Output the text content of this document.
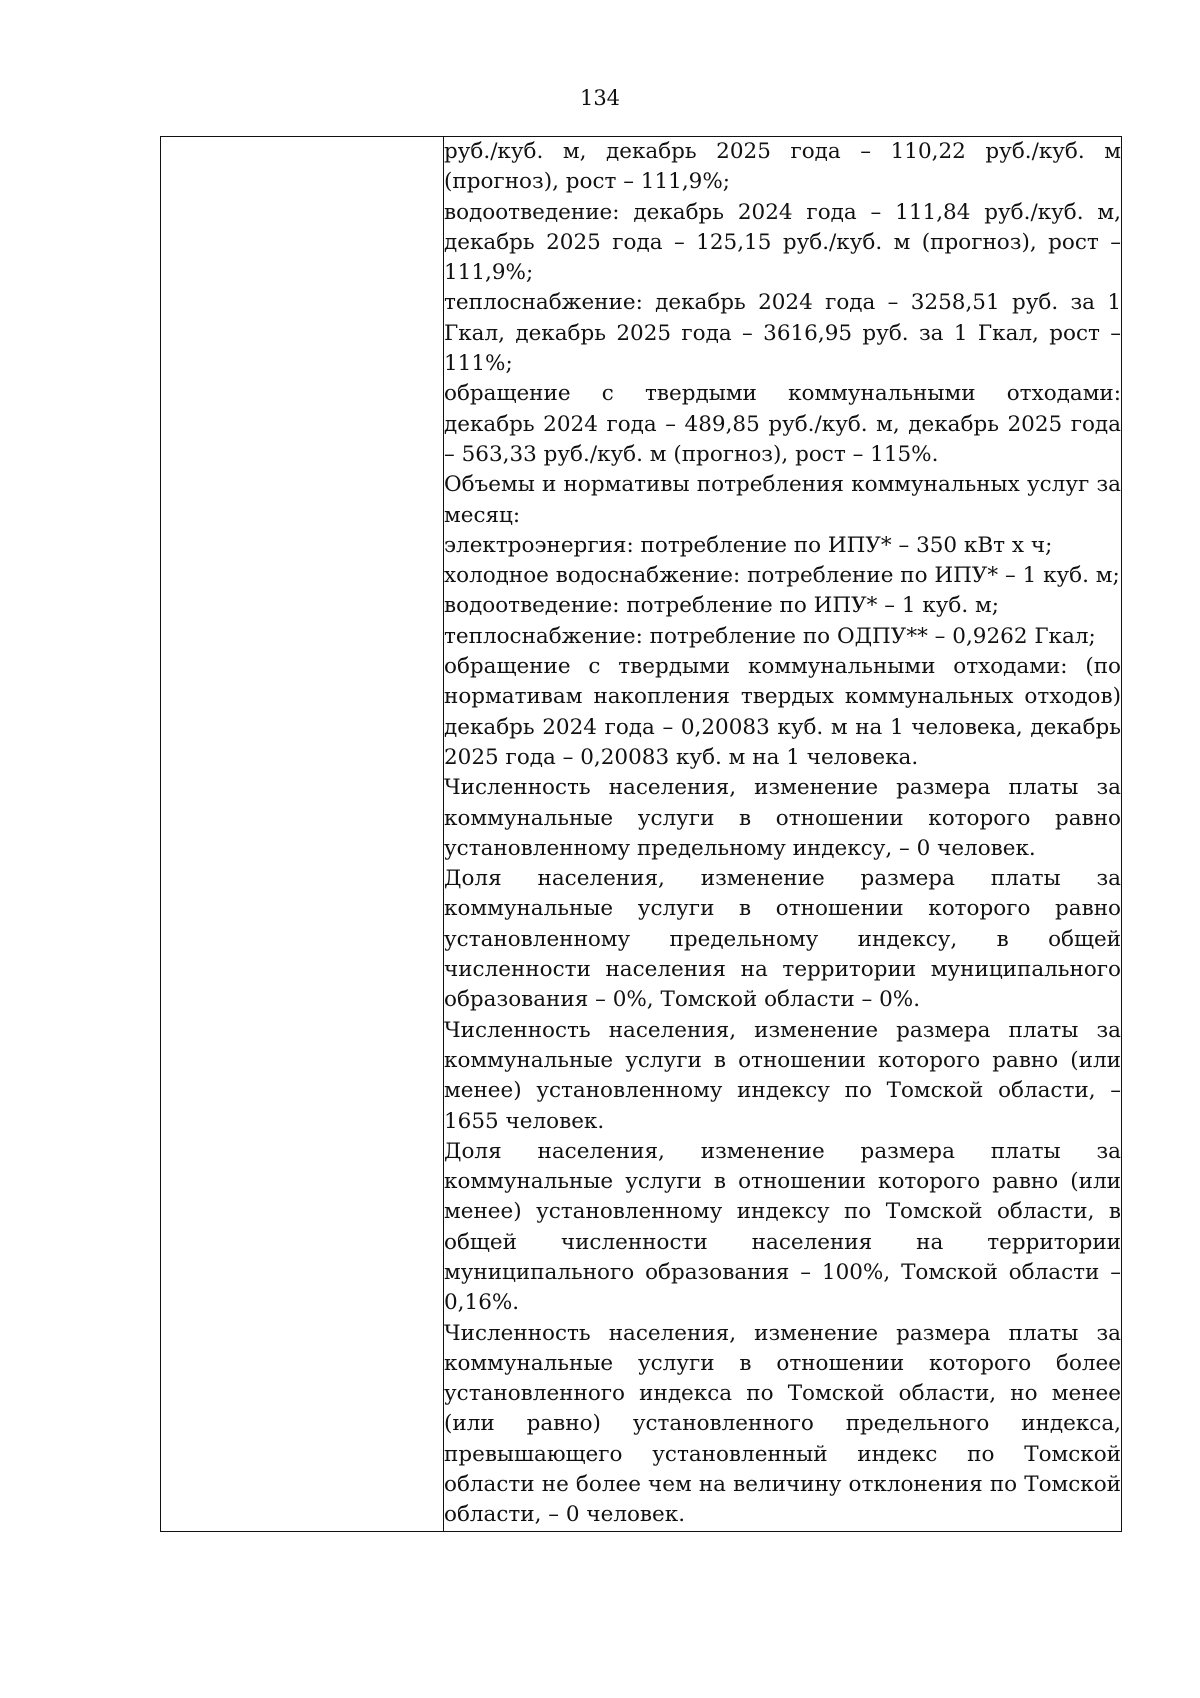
134

руб./куб. м, декабрь 2025 года – 110,22 руб./куб. м (прогноз), рост – 111,9%;

водоотведение: декабрь 2024 года – 111,84 руб./куб. м, декабрь 2025 года – 125,15 руб./куб. м (прогноз), рост – 111,9%;

теплоснабжение: декабрь 2024 года – 3258,51 руб. за 1 Гкал, декабрь 2025 года – 3616,95 руб. за 1 Гкал, рост – 111%;

обращение с твердыми коммунальными отходами: декабрь 2024 года – 489,85 руб./куб. м, декабрь 2025 года – 563,33 руб./куб. м (прогноз), рост – 115%.

Объемы и нормативы потребления коммунальных услуг за месяц:

электроэнергия: потребление по ИПУ* – 350 кВт х ч;

холодное водоснабжение: потребление по ИПУ* – 1 куб. м;

водоотведение: потребление по ИПУ* – 1 куб. м;

теплоснабжение: потребление по ОДПУ** – 0,9262 Гкал;

обращение с твердыми коммунальными отходами: (по нормативам накопления твердых коммунальных отходов) декабрь 2024 года – 0,20083 куб. м на 1 человека, декабрь 2025 года – 0,20083 куб. м на 1 человека.

Численность населения, изменение размера платы за коммунальные услуги в отношении которого равно установленному предельному индексу, – 0 человек.

Доля населения, изменение размера платы за коммунальные услуги в отношении которого равно установленному предельному индексу, в общей численности населения на территории муниципального образования – 0%, Томской области – 0%.

Численность населения, изменение размера платы за коммунальные услуги в отношении которого равно (или менее) установленному индексу по Томской области, – 1655 человек.

Доля населения, изменение размера платы за коммунальные услуги в отношении которого равно (или менее) установленному индексу по Томской области, в общей численности населения на территории муниципального образования – 100%, Томской области – 0,16%.

Численность населения, изменение размера платы за коммунальные услуги в отношении которого более установленного индекса по Томской области, но менее (или равно) установленного предельного индекса, превышающего установленный индекс по Томской области не более чем на величину отклонения по Томской области, – 0 человек.
